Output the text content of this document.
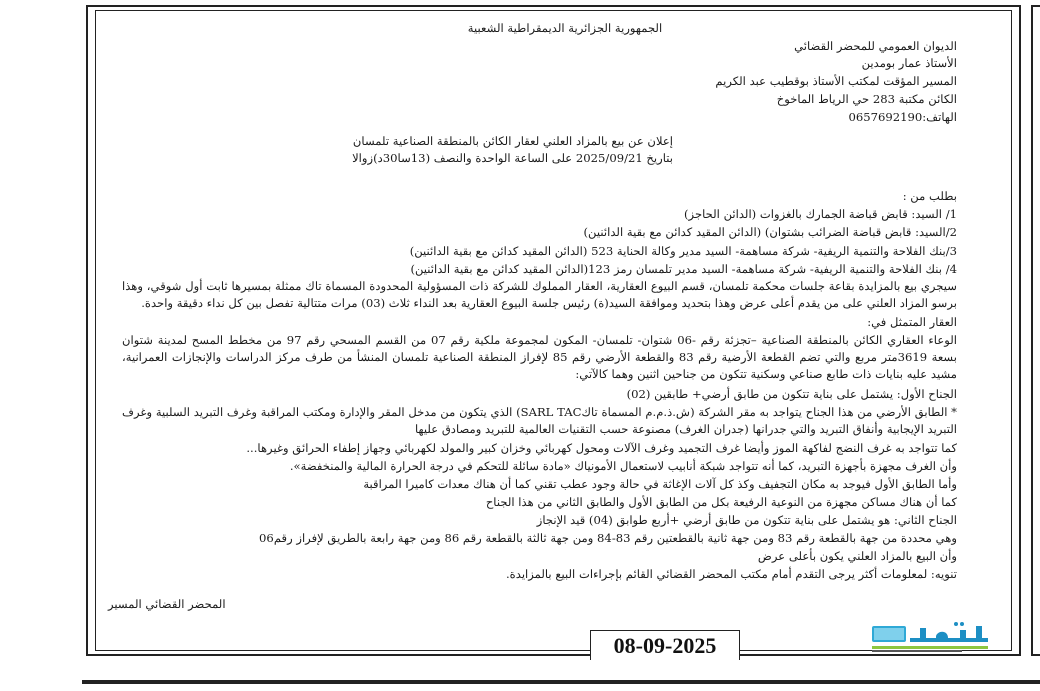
الجمهورية الجزائرية الديمقراطية الشعبية
الديوان العمومي للمحضر القضائي
الأستاذ عمار بومدين
المسير المؤقت لمكتب الأستاذ بوقطيب عبد الكريم
الكائن مكتبة 283 حي الرياط الماخوخ
الهاتف:0657692190
إعلان عن بيع بالمزاد العلني لعقار الكائن بالمنطقة الصناعية تلمسان
بتاريخ 2025/09/21 على الساعة الواحدة والنصف (13سا30د)زوالا
بطلب من :
1/ السيد: قابض قباضة الجمارك بالغزوات (الدائن الحاجز)
2/السيد: قابض قباضة الضرائب بشتوان) (الدائن المقيد كدائن مع بقية الدائنين)
3/بنك الفلاحة والتنمية الريفية- شركة مساهمة- السيد مدير وكالة الحناية 523 (الدائن المقيد كدائن مع بقية الدائنين)
4/ بنك الفلاحة والتنمية الريفية- شركة مساهمة- السيد مدير تلمسان رمز 123(الدائن المقيد كدائن مع بقية الدائنين)
سيجري بيع بالمزايدة بقاعة جلسات محكمة تلمسان، قسم البيوع العقارية، العقار المملوك للشركة ذات المسؤولية المحدودة المسماة تاك ممثلة بمسيرها ثابت أول شوقي، وهذا برسو المزاد العلني على من يقدم أعلى عرض وهذا بتحديد وموافقة السيد(ة) رئيس جلسة البيوع العقارية بعد النداء ثلاث (03) مرات متتالية تفصل بين كل نداء دقيقة واحدة.
العقار المتمثل في:
الوعاء العقاري الكائن بالمنطقة الصناعية –تجزئة رقم -06 شتوان- تلمسان- المكون لمجموعة ملكية رقم 07 من القسم المسحي رقم 97 من مخطط المسح لمدينة شتوان بسعة 3619متر مربع والتي تضم القطعة الأرضية رقم 83 والقطعة الأرضي رقم 85 لإفراز المنطقة الصناعية تلمسان المنشأ من طرف مركز الدراسات والإنجازات العمرانية، مشيد عليه بنايات ذات طابع صناعي وسكنية تتكون من جناحين اثنين وهما كالآتي:
الجناح الأول: يشتمل على بناية تتكون من طابق أرضي+ طابقين (02)
* الطابق الأرضي من هذا الجناح يتواجد به مقر الشركة (ش.ذ.م.م المسماة تاكSARL TAC) الذي يتكون من مدخل المقر والإدارة ومكتب المراقبة وغرف التبريد السلبية وغرف التبريد الإيجابية وأنفاق التبريد والتي جدرانها (جدران الغرف) مصنوعة حسب التقنيات العالمية للتبريد ومصادق عليها
كما تتواجد به غرف النضج لفاكهة الموز وأيضا غرف التجميد وغرف الآلات ومحول كهربائي وخزان كبير والمولد لكهربائي وجهاز إطفاء الحرائق وغيرها...
وأن الغرف مجهزة بأجهزة التبريد، كما أنه تتواجد شبكة أنابيب لاستعمال الأمونياك «مادة سائلة للتحكم في درجة الحرارة المالية والمنخفضة».
وأما الطابق الأول فيوجد به مكان التجفيف وكذ كل آلات الإغاثة في حالة وجود عطب تقني كما أن هناك معدات كاميرا المراقبة
كما أن هناك مساكن مجهزة من النوعية الرفيعة بكل من الطابق الأول والطابق الثاني من هذا الجناح
الجناح الثاني: هو يشتمل على بناية تتكون من طابق أرضي +أربع طوابق (04) قيد الإنجاز
وهي محددة من جهة بالقطعة رقم 83 ومن جهة ثانية بالقطعتين رقم 83-84 ومن جهة ثالثة بالقطعة رقم 86 ومن جهة رابعة بالطريق لإفراز رقم06
وأن البيع بالمزاد العلني يكون بأعلى عرض
تنويه: لمعلومات أكثر يرجى التقدم أمام مكتب المحضر القضائي القائم بإجراءات البيع بالمزايدة.
المحضر القضائي المسير
08-09-2025
